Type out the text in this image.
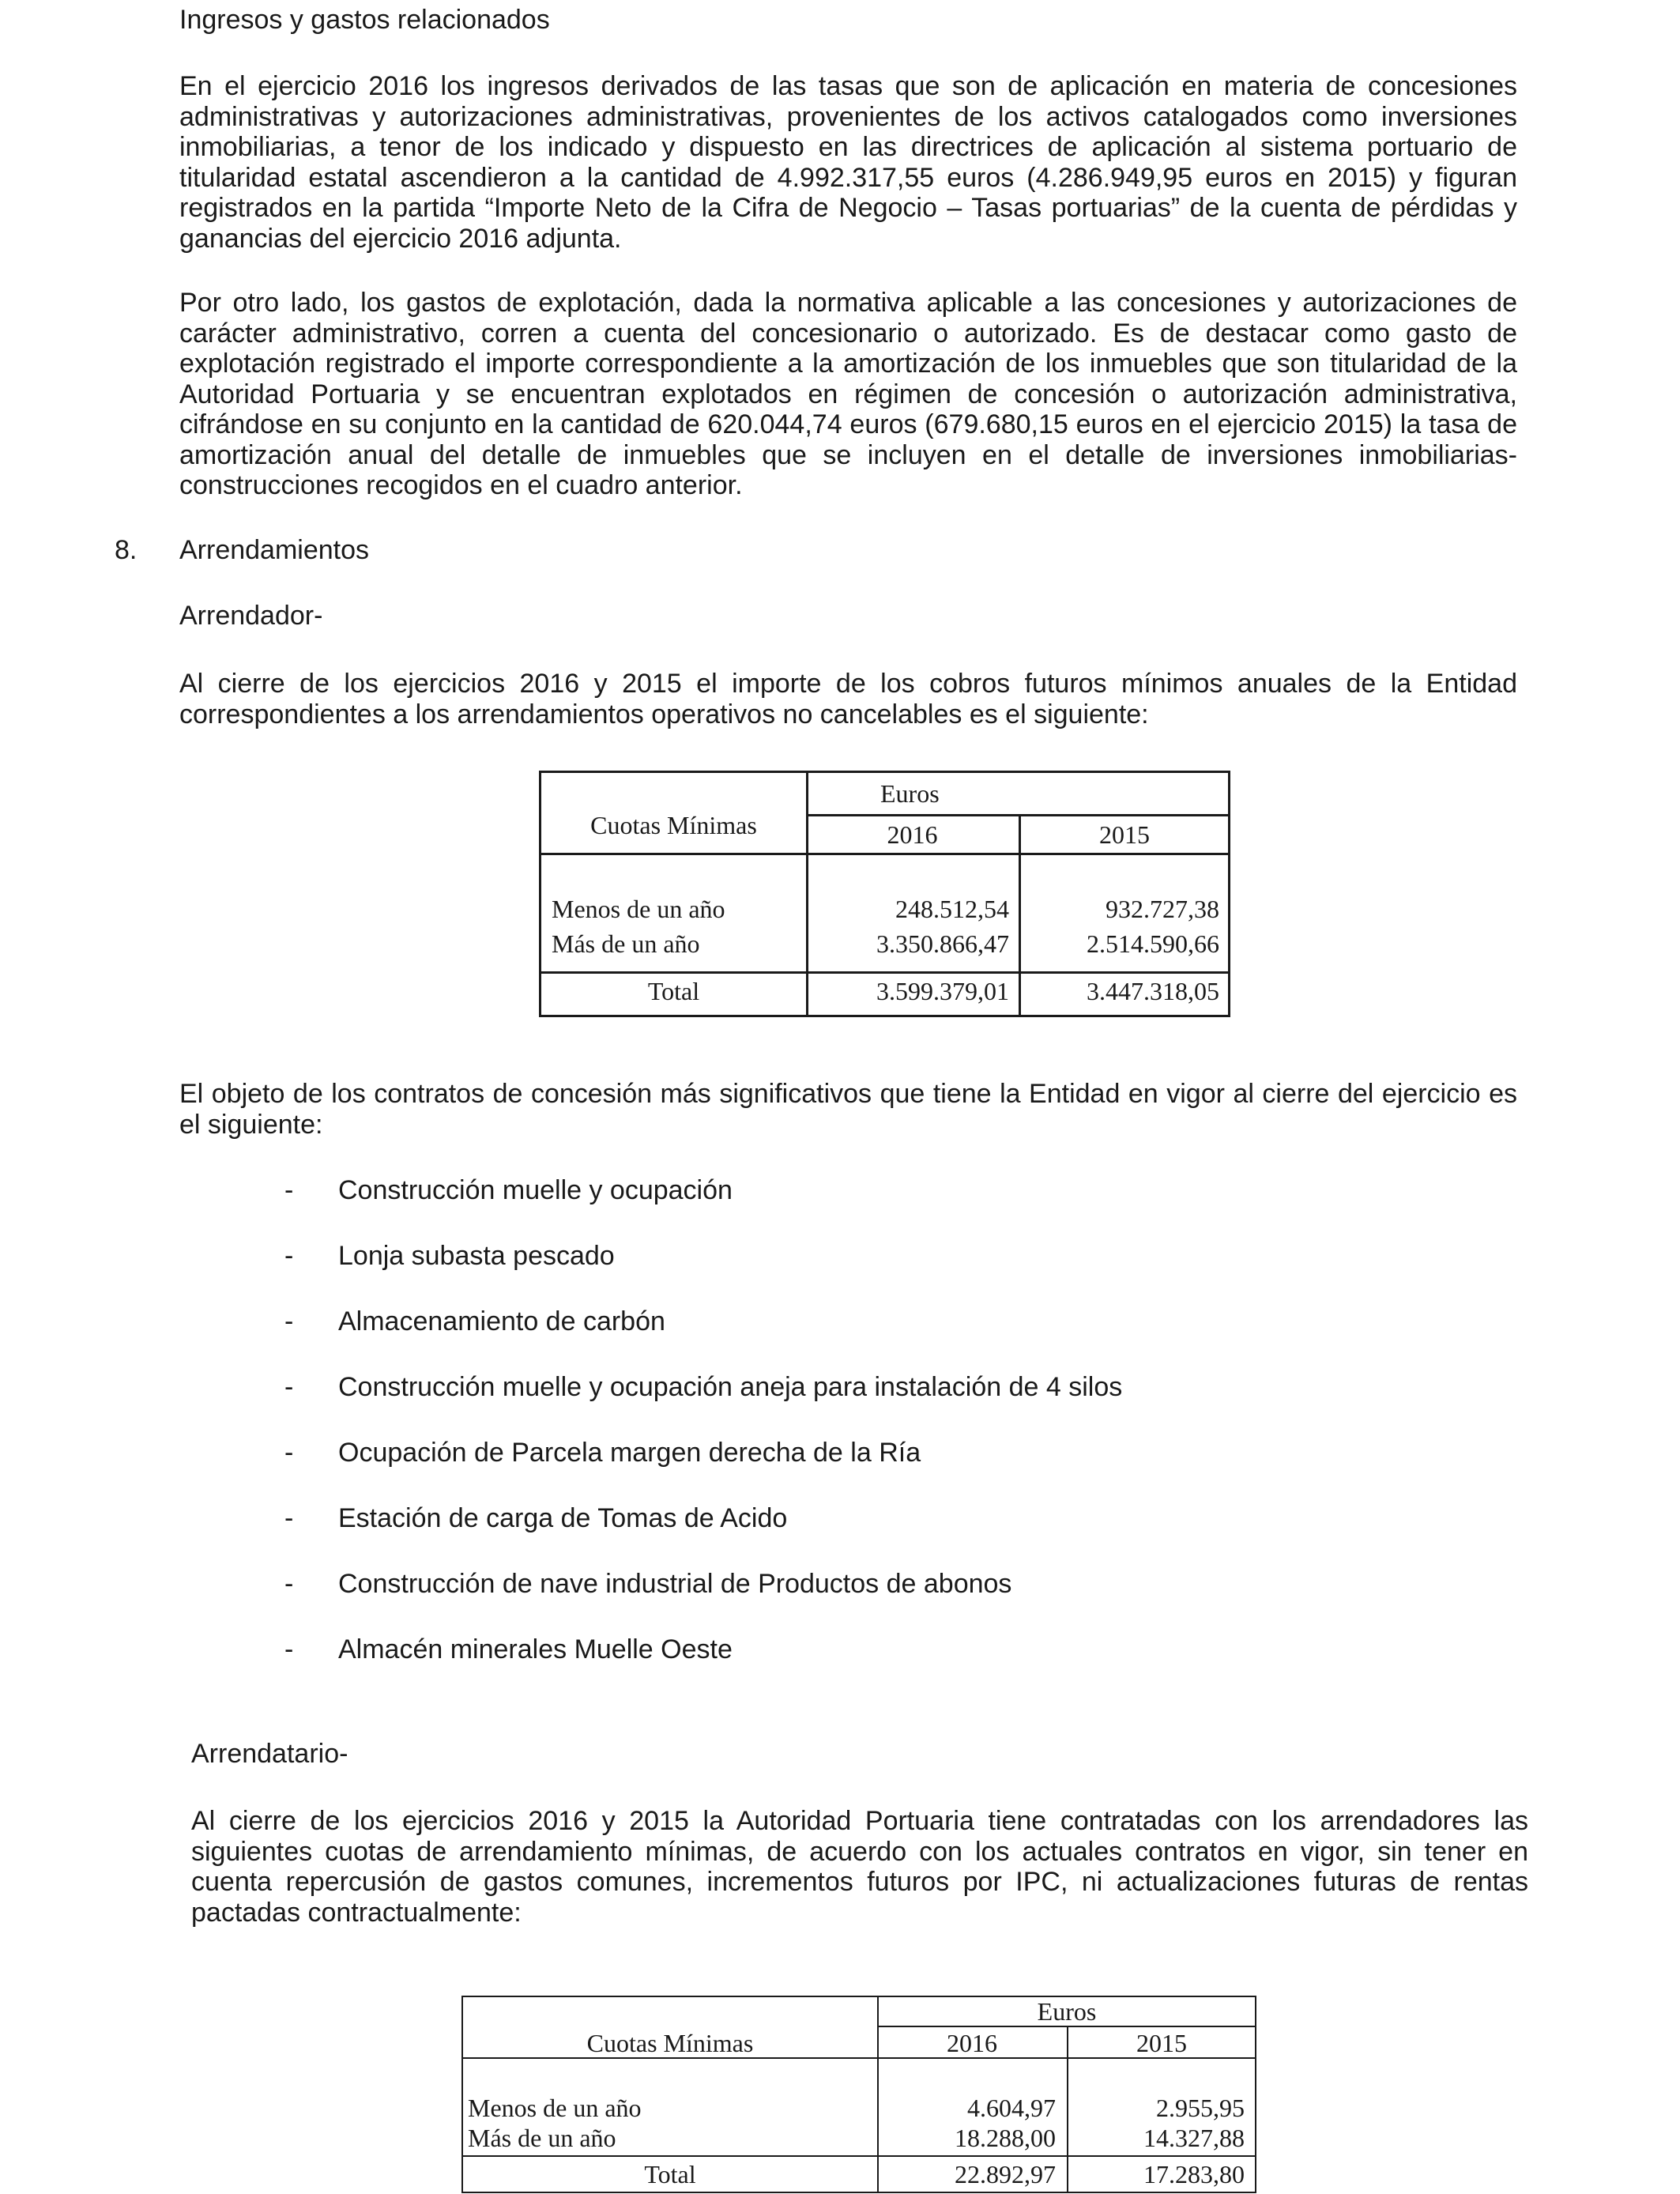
Ingresos y gastos relacionados

En el ejercicio 2016 los ingresos derivados de las tasas que son de aplicación en materia de concesiones administrativas y autorizaciones administrativas, provenientes de los activos catalogados como inversiones inmobiliarias, a tenor de los indicado y dispuesto en las directrices de aplicación al sistema portuario de titularidad estatal ascendieron a la cantidad de 4.992.317,55 euros (4.286.949,95 euros en 2015) y figuran registrados en la partida “Importe Neto de la Cifra de Negocio – Tasas portuarias” de la cuenta de pérdidas y ganancias del ejercicio 2016 adjunta.

Por otro lado, los gastos de explotación, dada la normativa aplicable a las concesiones y autorizaciones de carácter administrativo, corren a cuenta del concesionario o autorizado. Es de destacar como gasto de explotación registrado el importe correspondiente a la amortización de los inmuebles que son titularidad de la Autoridad Portuaria y se encuentran explotados en régimen de concesión o autorización administrativa, cifrándose en su conjunto en la cantidad de 620.044,74 euros (679.680,15 euros en el ejercicio 2015) la tasa de amortización anual del detalle de inmuebles que se incluyen en el detalle de inversiones inmobiliarias-construcciones recogidos en el cuadro anterior.

8. Arrendamientos
Arrendador-

Al cierre de los ejercicios 2016 y 2015 el importe de los cobros futuros mínimos anuales de la Entidad correspondientes a los arrendamientos operativos no cancelables es el siguiente:

Cuotas Mínimas
Euros
2016	2015
Menos de un año	248.512,54	932.727,38
Más de un año	3.350.866,47	2.514.590,66
Total	3.599.379,01	3.447.318,05

El objeto de los contratos de concesión más significativos que tiene la Entidad en vigor al cierre del ejercicio es el siguiente:

- Construcción muelle y ocupación
- Lonja subasta pescado
- Almacenamiento de carbón
- Construcción muelle y ocupación aneja para instalación de 4 silos
- Ocupación de Parcela margen derecha de la Ría
- Estación de carga de Tomas de Acido
- Construcción de nave industrial de Productos de abonos
- Almacén minerales Muelle Oeste
Arrendatario-

Al cierre de los ejercicios 2016 y 2015 la Autoridad Portuaria tiene contratadas con los arrendadores las siguientes cuotas de arrendamiento mínimas, de acuerdo con los actuales contratos en vigor, sin tener en cuenta repercusión de gastos comunes, incrementos futuros por IPC, ni actualizaciones futuras de rentas pactadas contractualmente:

Cuotas Mínimas
Euros
2016	2015
Menos de un año	4.604,97	2.955,95
Más de un año	18.288,00	14.327,88
Total	22.892,97	17.283,80
